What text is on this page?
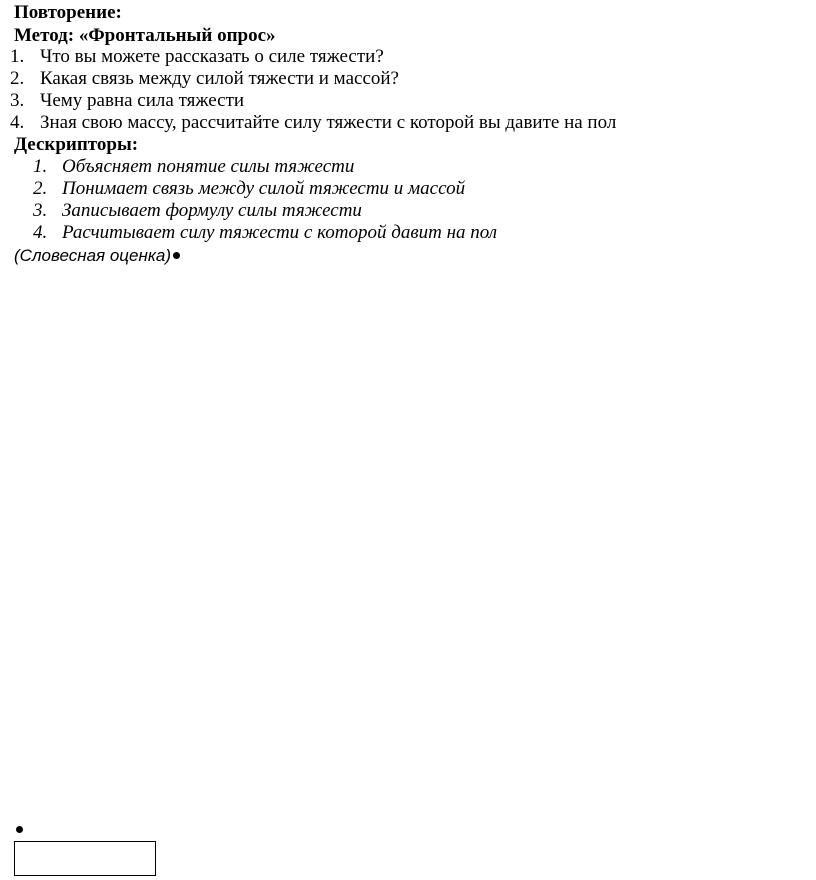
Повторение:
Метод: «Фронтальный опрос»
1. Что вы можете рассказать о силе тяжести?
2. Какая связь между силой тяжести и массой?
3. Чему равна сила тяжести
4. Зная свою массу, рассчитайте силу тяжести с которой вы давите на пол
Дескрипторы:
1. Объясняет понятие силы тяжести
2. Понимает связь между силой тяжести и массой
3. Записывает формулу силы тяжести
4. Расчитывает силу тяжести с которой давит на пол
(Словесная оценка)
